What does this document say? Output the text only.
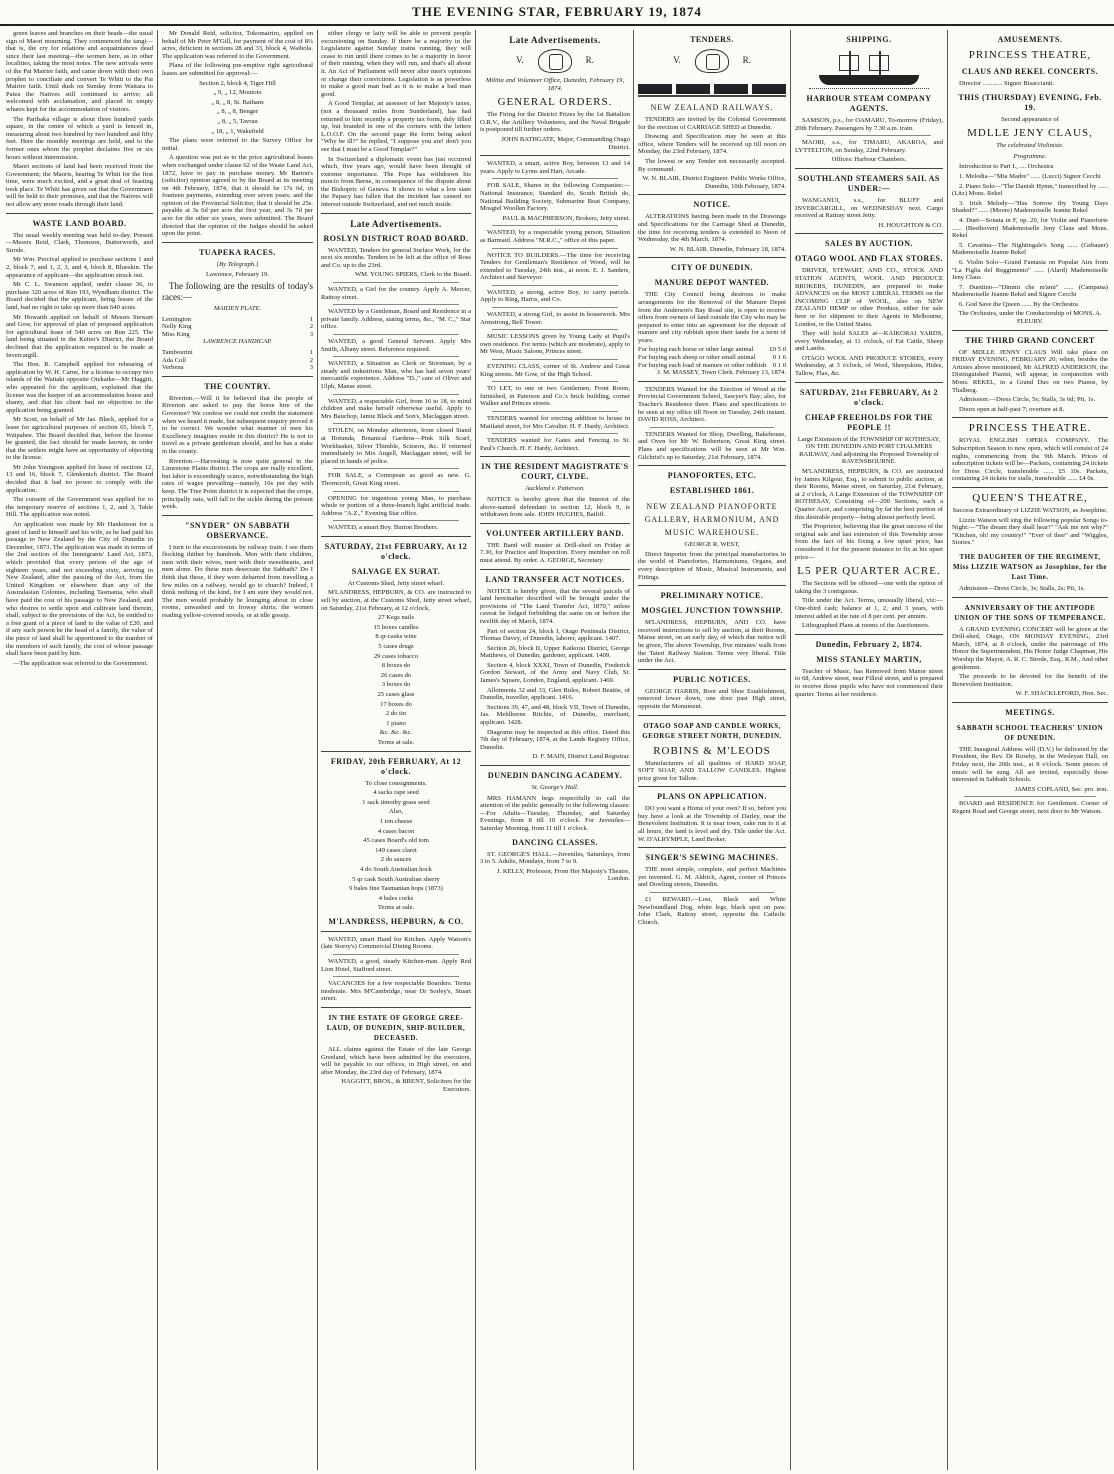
THE EVENING STAR, FEBRUARY 19, 1874

green leaves and branches on their heads—the usual sign of Maori mourning. They commenced the tangi—that is, the cry for relations and acquaintances dead since their last meeting—the women here, as in other localities, taking the most notes. The new arrivals were of the Pai Mairire faith, and came down with their own prophet to conciliate and convert Te Whiti to the Pai Mairire faith. Until dusk on Sunday from Waitara to Patea the Natives still continued to arrive; all welcomed with acclamation, and placed in empty whares kept for the accommodation of visitors.

The Parihaka village is about three hundred yards square, in the centre of which a yard is fenced in, measuring about two hundred by two hundred and fifty feet. Here the monthly meetings are held, and to the former ones whom the prophet declaims five or six hours without intermission.

Maori sections of land had been received from the Government; the Maoris, hearing Te Whiti for the first time, were much excited, and a great deal of feasting took place. Te Whiti has given out that the Government will be held to their promises, and that the Natives will not allow any more roads through their land.

WASTE LAND BOARD.

The usual weekly meeting was held to-day. Present—Messrs Reid, Clark, Thomson, Butterworth, and Strode.

Mr Wm. Percival applied to purchase sections 1 and 2, block 7, and 1, 2, 3, and 4, block 8, Blueskin. The appearance of applicant—the application struck out.

Mr C. L. Swanson applied, under clause 36, to purchase 320 acres of Run 193, Wyndham district. The Board decided that the applicant, being lessee of the land, had no right to take up more than 640 acres.

Mr Howarth applied on behalf of Messrs Stewart and Gow, for approval of plan of proposed application for agricultural lease of 540 acres on Run 225. The land being situated in the Keiter's District, the Board declined that the application required to be made at Invercargill.

The Hon. R. Campbell applied for rehearing of application by W. H. Carne, for a license to occupy two islands of the Waitaki opposite Otekaike—Mr Haggitt, who appeared for the applicant, explained that the license was the keeper of an accommodation house and shanty, and that his client had no objection to the application being granted.

Mr Scott, on behalf of Mr Jas. Black, applied for a lease for agricultural purposes of section 65, block 7, Waipahee. The Board decided that, before the license be granted, the fact should be made known, in order that the settlers might have an opportunity of objecting to the license.

Mr John Youngson applied for lease of sections 12, 13 and 16, block 7, Glenkenich district. The Board decided that it had no power to comply with the application.

The consent of the Government was applied for to the temporary reserve of sections 1, 2, and 3, Table Hill. The application was noted.

An application was made by Mr Hankinson for a grant of land to himself and his wife, as he had paid his passage to New Zealand by the City of Dunedin in December, 1873. The application was made in terms of the 2nd section of the Immigrants' Land Act, 1873, which provided that every person of the age of eighteen years, and not exceeding sixty, arriving in New Zealand, after the passing of the Act, from the United Kingdom or elsewhere than any of the Australasian Colonies, including Tasmania, who shall have paid the cost of his passage to New Zealand, and who desires to settle upon and cultivate land therein, shall, subject to the provisions of the Act, be entitled to a free grant of a piece of land to the value of £20; and if any such person be the head of a family, the value of the piece of land shall be apportioned to the number of the members of such family, the cost of whose passage shall have been paid by him.

—The application was referred to the Government.

Mr Donald Reid, solicitor, Tokomairiro, applied on behalf of Mr Peter M'Gill, for payment of the cost of 8¼ acres, deficient in sections 28 and 33, block 4, Waihola. The application was referred to the Government.

Plans of the following pre-emptive right agricultural leases are submitted for approval:—

Section 2, block 4, Tiger Hill

„ 9, „ 12, Moutoto

„ 8, „ 8, St. Bathans

„ 8, „ 8, Benger

„ 8, „ 5, Tavrau

„ 18, „ 1, Wakefield

The plans were referred to the Survey Office for initial.

A question was put as to the price agricultural leases when exchanged under clause 62 of the Waste Land Act, 1872, have to pay in purchase money. Mr Barton's (solicitor) opinion agreed to by the Board at its meeting on 4th February, 1874, that it should be 17s 6d, in fourteen payments, extending over seven years; and the opinion of the Provincial Solicitor, that it should be 25s. payable at 3s 6d per acre the first year, and 3s 7d per acre for the other six years, were submitted. The Board directed that the opinion of the Judges should be asked upon the point.

TUAPEKA RACES.
[By Telegraph.]

Lawrence, February 19.

The following are the results of today's races:—

MAIDEN PLATE.
Lemington	1
Nelly King	2
Miss King	3
LAWRENCE HANDICAP.
Tambourini	1
Ada Coll	2
Verbena	3
THE COUNTRY.

Riverton.—Will it be believed that the people of Riverton are asked to pay the horse hire of the Governor? We confess we could not credit the statement when we heard it made, but subsequent enquiry proved it to be correct. We wonder what manner of men his Excellency imagines reside in this district? He is not to travel as a private gentleman should, and he has a stake in the county.

Riverton.—Harvesting is now quite general in the Limestone Plains district. The crops are really excellent, but labor is exceedingly scarce, notwithstanding the high rates of wages prevailing—namely, 10s per day with keep. The Tree Point district it is expected that the crops, principally oats, will fall to the sickle during the present week.

"SNYDER" ON SABBATH OBSERVANCE.

I turn to the excursionists by railway train. I see them flocking thither by hundreds. Men with their children, men with their wives, men with their sweethearts, and men alone. Do these men desecrate the Sabbath? Do I think that these, if they were debarred from travelling a few miles on a railway, would go to church? Indeed, I think nothing of the kind, for I am sure they would not. The men would probably be lounging about in close rooms, unwashed and in frowsy shirts; the women reading yellow-covered novels, or at idle gossip.

either clergy or laity will be able to prevent people excursioning on Sunday. If there be a majority in the Legislature against Sunday trains running, they will cease to run until there comes to be a majority in favor of their running, when they will run, and that's all about it. An Act of Parliament will never alter men's opinions or change their convictions. Legislation is as powerless to make a good man bad as it is to make a bad man good.

A Good Templar, an assessor of her Majesty's taxes, (not a thousand miles from Sunderland), has had returned to him recently a property tax form, duly filled up, but branded in one of the corners with the letters L.O.O.F. On the second page the form being asked "Why be ill?" he replied, "I suppose you are! don't you see that I must be a Good Templar?"

In Switzerland a diplomatic event has just occurred which, five years ago, would have been thought of extreme importance. The Pope has withdrawn his nuncio from Berne, in consequence of the dispute about the Bishopric of Geneva. It shows to what a low state the Papacy has fallen that the incident has caused no interest outside Switzerland, and not much inside.

Late Advertisements.
ROSLYN DISTRICT ROAD BOARD.

WANTED, Tenders for general Surface Work, for the next six months. Tenders to be left at the office of Ross and Co. up to the 23rd.

WM. YOUNG SPIERS, Clerk to the Board.

WANTED, a Girl for the country. Apply A. Mercer, Rattray street.

WANTED by a Gentleman, Board and Residence in a private family. Address, stating terms, &c., "M. C.," Star office.

WANTED, a good General Servant. Apply Mrs Smith, Albany street. Reference required.

WANTED, a Situation as Clerk or Storeman, by a steady and industrious Man, who has had seven years' mercantile experience. Address "D.," care of Oliver and Ulph, Manse street.

WANTED, a respectable Girl, from 16 to 18, to mind children and make herself otherwise useful. Apply to Mrs Bauchop, Jamie Black and Son's, Maclaggan street.

STOLEN, on Monday afternoon, from closed Stand at Rotunda, Botanical Gardens—Pink Silk Scarf, Workbasket, Silver Thimble, Scissors, &c. If returned immediately to Mrs Angell, Maclaggan street, will be placed in hands of police.

FOR SALE, a Cornopean as good as new. G. Thorncroft, Great King street.

OPENING for ingenious young Man, to purchase whole or portion of a three-branch light artificial trade. Address "A.Z.," Evening Star office.

WANTED, a smart Boy. Burton Brothers.

SATURDAY, 21st FEBRUARY, At 12 o'clock.
SALVAGE EX SURAT.

At Customs Shed, Jetty street wharf.

M'LANDRESS, HEPBURN, & CO. are instructed to sell by auction, at the Customs Shed, Jetty street wharf, on Saturday, 21st February, at 12 o'clock,

27 Kegs nails

15 boxes candles

8 qr-casks wine

5 cases drugs

29 cases tobacco

8 boxes do

26 cases do

3 boxes do

25 cases glass

17 boxes do

2 do tin

1 piano

&c. &c. &c.

Terms at sale.

FRIDAY, 20th FEBRUARY, At 12 o'clock.

To close consignments.

4 sacks rape seed

1 sack timothy grass seed

Also,

1 ton cheese

4 cases bacon

45 cases Board's old tom

149 cases claret

2 do sauces

4 do South Australian hock

5 qr cask South Australian sherry

9 bales fine Tasmanian hops (1873)

4 bales corks

Terms at sale.

M'LANDRESS, HEPBURN, & CO.

WANTED, smart Hand for Kitchen. Apply Watson's (late Storry's) Commercial Dining Rooms.

WANTED, a good, steady Kitchen-man. Apply Red Lion Hotel, Stafford street.

VACANCIES for a few respectable Boarders. Terms moderate. Mrs M'Cambridge, near Dr Sorley's, Stuart street.

IN THE ESTATE OF GEORGE GREE-LAUD, OF DUNEDIN, SHIP-BUILDER, DECEASED.

ALL claims against the Estate of the late George Greeland, which have been admitted by the executors, will be payable to our offices, in High street, on and after Monday, the 23rd day of February, 1874.

HAGGITT, BROS., & BRENT, Solicitors for the Executors.

Late Advertisements.
V.	R.
Militia and Volunteer Office, Dunedin, February 19, 1874.
GENERAL ORDERS.

The Firing for the District Prizes by the 1st Battalion O.R.V., the Artillery Volunteers, and the Naval Brigade is postponed till further orders.

JOHN BATHGATE, Major, Commanding Otago District.

WANTED, a smart, active Boy, between 13 and 14 years. Apply to Lyons and Hart, Arcade.

FOR SALE, Shares in the following Companies:—National Insurance, Standard do, South British do, National Building Society, Submarine Boat Company, Mosgiel Woollen Factory.

PAUL & MACPHERSON, Brokers, Jetty street.

WANTED, by a respectable young person, Situation as Barmaid. Address "M.R.C.," office of this paper.

NOTICE TO BUILDERS.—The time for receiving Tenders for Gentleman's Residence of Wood, will be extended to Tuesday, 24th inst., at noon. E. J. Sanders, Architect and Surveyor.

WANTED, a strong, active Boy, to carry parcels. Apply to Ring, Harris, and Co.

WANTED, a strong Girl, to assist in housework. Mrs Armstrong, Bell Tower.

MUSIC LESSONS given by Young Lady at Pupil's own residence. For terms (which are moderate), apply to Mr West, Music Saloon, Princes street.

EVENING CLASS, corner of St. Andrew and Great King streets. Mr Gow, of the High School.

TO LET, to one or two Gentlemen, Front Room, furnished, in Paterson and Co.'s brick building, corner Walker and Princes streets.

TENDERS wanted for erecting addition to house in Maitland street, for Mrs Cavalier. H. F. Hardy, Architect.

TENDERS wanted for Gates and Fencing to St. Paul's Church. H. F. Hardy, Architect.

IN THE RESIDENT MAGISTRATE'S COURT, CLYDE.
Auckland v. Patterson.

NOTICE is hereby given that the Interest of the above-named defendant in section 12, block 9, is withdrawn from sale. JOHN HUGHES, Bailiff.

VOLUNTEER ARTILLERY BAND.

THE Band will muster at Drill-shed on Friday at 7.30, for Practice and Inspection. Every member on roll must attend. By order. A. GEORGE, Secretary.

LAND TRANSFER ACT NOTICES.

NOTICE is hereby given, that the several parcels of land hereinafter described will be brought under the provisions of "The Land Transfer Act, 1870," unless caveat be lodged forbidding the same on or before the twelfth day of March, 1874.

Part of section 24, block I, Otago Peninsula District, Thomas Davey, of Dunedin, laborer, applicant. 1407.

Section 26, block II, Upper Kaikorai District, George Matthews, of Dunedin, gardener, applicant. 1409.

Section 4, block XXXI, Town of Dunedin, Frederick Gordon Stewart, of the Army and Navy Club, St. James's Square, London, England, applicant. 1469.

Allotments 32 and 33, Glen Rules, Robert Beattie, of Dunedin, traveller, applicant. 1416.

Sections 39, 47, and 48, block VII, Town of Dunedin, Jas. Mehlhorne Ritchie, of Dunedin, merchant, applicant. 1428.

Diagrams may be inspected at this office. Dated this 7th day of February, 1874, at the Lands Registry Office, Dunedin.

D. F. MAIN, District Land Registrar.

DUNEDIN DANCING ACADEMY.
St. George's Hall.

MRS HAMANN begs respectfully to call the attention of the public generally to the following classes:—For Adults—Tuesday, Thursday, and Saturday Evenings, from 8 till 10 o'clock. For Juveniles—Saturday Morning, from 11 till 1 o'clock.

DANCING CLASSES.

ST. GEORGE'S HALL.—Juveniles, Saturdays, from 3 to 5. Adults, Mondays, from 7 to 9.

J. KELLY, Professor, From Her Majesty's Theatre, London.

TENDERS.
V.	R.
NEW ZEALAND RAILWAYS.

TENDERS are invited by the Colonial Government for the erection of CARRIAGE SHED at Dunedin.

Drawing and Specification may be seen at this office, where Tenders will be received up till noon on Monday, the 23rd February, 1874.

The lowest or any Tender not necessarily accepted. By command.

W. N. BLAIR, District Engineer. Public Works Office, Dunedin, 10th February, 1874.

NOTICE.

ALTERATIONS having been made in the Drawings and Specifications for the Carriage Shed at Dunedin, the time for receiving tenders is extended to Noon of Wednesday, the 4th March, 1874.

W. N. BLAIR. Dunedin, February 18, 1874.

CITY OF DUNEDIN.
MANURE DEPOT WANTED.

THE City Council being desirous to make arrangements for the Removal of the Manure Depot from the Anderson's Bay Road site, is open to receive offers from owners of land outside the City who may be prepared to enter into an agreement for the deposit of manure and city rubbish upon their lands for a term of years.

For buying each horse or other large animal £0 5 0
For buying each sheep or other small animal	0 1 6
For buying each load of manure or other rubbish 0 1 0

J. M. MASSEY, Town Clerk. February 13, 1874.

TENDERS Wanted for the Erection of Wood at the Provincial Government School, Sawyer's Bay; also, for Teacher's Residence there. Plans and specifications to be seen at my office till Noon on Tuesday, 24th instant. DAVID ROSS, Architect.

TENDERS Wanted for Shop, Dwelling, Bakehouse, and Oven for Mr W. Robertson, Great King street. Plans and specifications will be seen at Mr Wm. Gilchrist's up to Saturday, 21st February, 1874.

PIANOFORTES, ETC.
ESTABLISHED 1861.
NEW ZEALAND PIANOFORTE GALLERY, HARMONIUM, AND MUSIC WAREHOUSE.

GEORGE R. WEST,

Direct Importer from the principal manufactories in the world of Pianofortes, Harmoniums, Organs, and every description of Music, Musical Instruments, and Fittings.

PRELIMINARY NOTICE.
MOSGIEL JUNCTION TOWNSHIP.

M'LANDRESS, HEPBURN, AND CO. have received instructions to sell by auction, at their Rooms, Manse street, on an early day, of which due notice will be given, The above Township, five minutes' walk from the Taieri Railway Station. Terms very liberal. Title under the Act.

PUBLIC NOTICES.

GEORGE HARRIS, Boot and Shoe Establishment, removed lower down, one door past High street, opposite the Monument.

OTAGO SOAP AND CANDLE WORKS, GEORGE STREET NORTH, DUNEDIN.
ROBINS & M'LEODS

Manufacturers of all qualities of HARD SOAP, SOFT SOAP, AND TALLOW CANDLES. Highest price given for Tallow.

PLANS ON APPLICATION.

DO you want a Home of your own? If so, before you buy have a look at the Township of Darley, near the Benevolent Institution. It is near town, cake run to it at all hours, the land is level and dry. Title under the Act. W. D'ALRYMPLE, Land Broker.

SINGER'S SEWING MACHINES.

THE most simple, complete, and perfect Machines yet invented. G. M. Aldrich, Agent, corner of Princes and Dowling streets, Dunedin.

£1 REWARD.—Lost, Black and White Newfoundland Dog, white legs, black spot on paw. John Clark, Rattray street, opposite the Catholic Church.

SHIPPING.
HARBOUR STEAM COMPANY AGENTS.

SAMSON, p.s., for OAMARU, To-morrow (Friday), 20th February. Passengers by 7.30 a.m. train.

MAORI, s.s., for TIMARU, AKAROA, and LYTTELTON, on Sunday, 22nd February.

Offices: Harbour Chambers.

SOUTHLAND STEAMERS SAIL AS UNDER:—

WANGANUI, s.s., for BLUFF and INVERCARGILL, on WEDNESDAY next. Cargo received at Rattray street Jetty.

H. HOUGHTON & CO.

SALES BY AUCTION.
OTAGO WOOL AND FLAX STORES.

DRIVER, STEWART, AND CO., STOCK AND STATION AGENTS, WOOL AND PRODUCE BROKERS, DUNEDIN, are prepared to make ADVANCES on the MOST LIBERAL TERMS on the INCOMING CLIP of WOOL, also on NEW ZEALAND HEMP or other Produce, either for sale here or for shipment to their Agents in Melbourne, London, or the United States.

They will hold SALES at—KAIKORAI YARDS, every Wednesday, at 11 o'clock, of Fat Cattle, Sheep and Lambs.

OTAGO WOOL AND PRODUCE STORES, every Wednesday, at 3 o'clock, of Wool, Sheepskins, Hides, Tallow, Flax, &c.

SATURDAY, 21st FEBRUARY, At 2 o'clock.
CHEAP FREEHOLDS FOR THE PEOPLE !!

Large Extension of the TOWNSHIP OF ROTHESAY, ON THE DUNEDIN AND PORT CHALMERS RAILWAY, And adjoining the Proposed Township of RAVENSBOURNE.

M'LANDRESS, HEPBURN, & CO. are instructed by James Kilgour, Esq., to submit to public auction, at their Rooms, Manse street, on Saturday, 21st February, at 2 o'clock, A Large Extension of the TOWNSHIP OF ROTHESAY, Consisting of—200 Sections, each a Quarter Acre, and comprising by far the best portion of this desirable property—being almost perfectly level.

The Proprietor, believing that the great success of the original sale and last extension of this Township arose from the fact of his fixing a low upset price, has considered it for the present instance to fix at his upset price—

L5 PER QUARTER ACRE.

The Sections will be offered—one with the option of taking the 3 contiguous.

Title under the Act. Terms, unusually liberal, viz:—One-third cash; balance at 1, 2, and 3 years, with interest added at the rate of 8 per cent. per annum.

Lithographed Plans at rooms of the Auctioneers.

Dunedin, February 2, 1874.
MISS STANLEY MARTIN,

Teacher of Music, has Removed from Manor street to 68, Andrew street, near Filleul street, and is prepared to receive those pupils who have not commenced their quarter. Terms at her residence.

AMUSEMENTS.
PRINCESS THEATRE,
CLAUS AND REKEL CONCERTS.

Director ............ Signor Bisaccianti.

THIS (THURSDAY) EVENING, Feb. 19.

Second appearance of

MDLLE JENY CLAUS,
The celebrated Violiniste.
Programme.

Introduction to Part I., .... Orchestra

1. Melodia—"Mia Madre" ...... (Lucci) Signor Cecchi

2. Piano Solo—"The Danish Hymn," transcribed by ...... (Litz) Mons. Rekel

3. Irish Melody—"Has Sorrow thy Young Days Shaded?" ...... (Moore) Mademoiselle Jeanne Rekel

4. Duet—Sonata in F, op. 20, for Violin and Pianoforte ...... (Beethoven) Mademoiselle Jeny Claus and Mons. Rekel

5. Cavatina—The Nightingale's Song ...... (Gebauer) Mademoiselle Jeanne Rekel

6. Violin Solo—Grand Fantasia on Popular Airs from "La Figlia del Reggimento" ...... (Alard) Mademoiselle Jeny Claus

7. Duettino—"Dimmi che m'ami" ...... (Campana) Mademoiselle Jeanne Rekel and Signor Cecchi

6. God Save the Queen ...... By the Orchestra

The Orchestra, under the Conductorship of MONS. A. FLEURY.

THE THIRD GRAND CONCERT

OF MDLLE JENNY CLAUS Will take place on FRIDAY EVENING, FEBRUARY 20, when, besides the Artistes above mentioned, Mr ALFRED ANDERSON, the Distinguished Pianist, will appear, in conjunction with Mons. REKEL, in a Grand Duo on two Pianos, by Thalberg.

Admission:—Dress Circle, 5s; Stalls, 3s 6d; Pit, 1s.

Doors open at half-past 7; overture at 8.

PRINCESS THEATRE.

ROYAL ENGLISH OPERA COMPANY. The Subscription Season to now open, which will consist of 24 nights, commencing from the 9th March. Prices of subscription tickets will be—Packets, containing 24 tickets for Dress Circle, transferable ...... £5 10s. Packets, containing 24 tickets for stalls, transferable ...... £4 0s.

QUEEN'S THEATRE,

Success Extraordinary of LIZZIE WATSON, as Josephine.

Lizzie Watson will sing the following popular Songs to-Night:—"The dream they shall hear!" "Ask me not why?" "Kitchen, oh! my country!" "Ever of thee" and "Wiggles, Stories."

THE DAUGHTER OF THE REGIMENT, Miss LIZZIE WATSON as Josephine, for the Last Time.

Admission—Dress Circle, 3s; Stalls, 2s; Pit, 1s.

ANNIVERSARY OF THE ANTIPODE UNION OF THE SONS OF TEMPERANCE.

A GRAND EVENING CONCERT will be given at the Drill-shed, Otago, ON MONDAY EVENING, 23rd March, 1874, at 8 o'clock, under the patronage of His Honor the Superintendent, His Honor Judge Chapman, His Worship the Mayor, A. R. C. Strode, Esq., R.M., And other gentlemen.

The proceeds to be devoted for the benefit of the Benevolent Institution.

W. F. SHACKLEFORD, Hon. Sec.

MEETINGS.
SABBATH SCHOOL TEACHERS' UNION OF DUNEDIN.

THE Inaugural Address will (D.V.) be delivered by the President, the Rev. Dr Roseby, in the Wesleyan Hall, on Friday next, the 20th inst., at 8 o'clock. Some pieces of music will be sung. All are invited, especially those interested in Sabbath Schools.

JAMES COPLAND, Sec. pro. tem.

BOARD and RESIDENCE for Gentlemen. Corner of Regent Road and George street, next door to Mr Watson.
